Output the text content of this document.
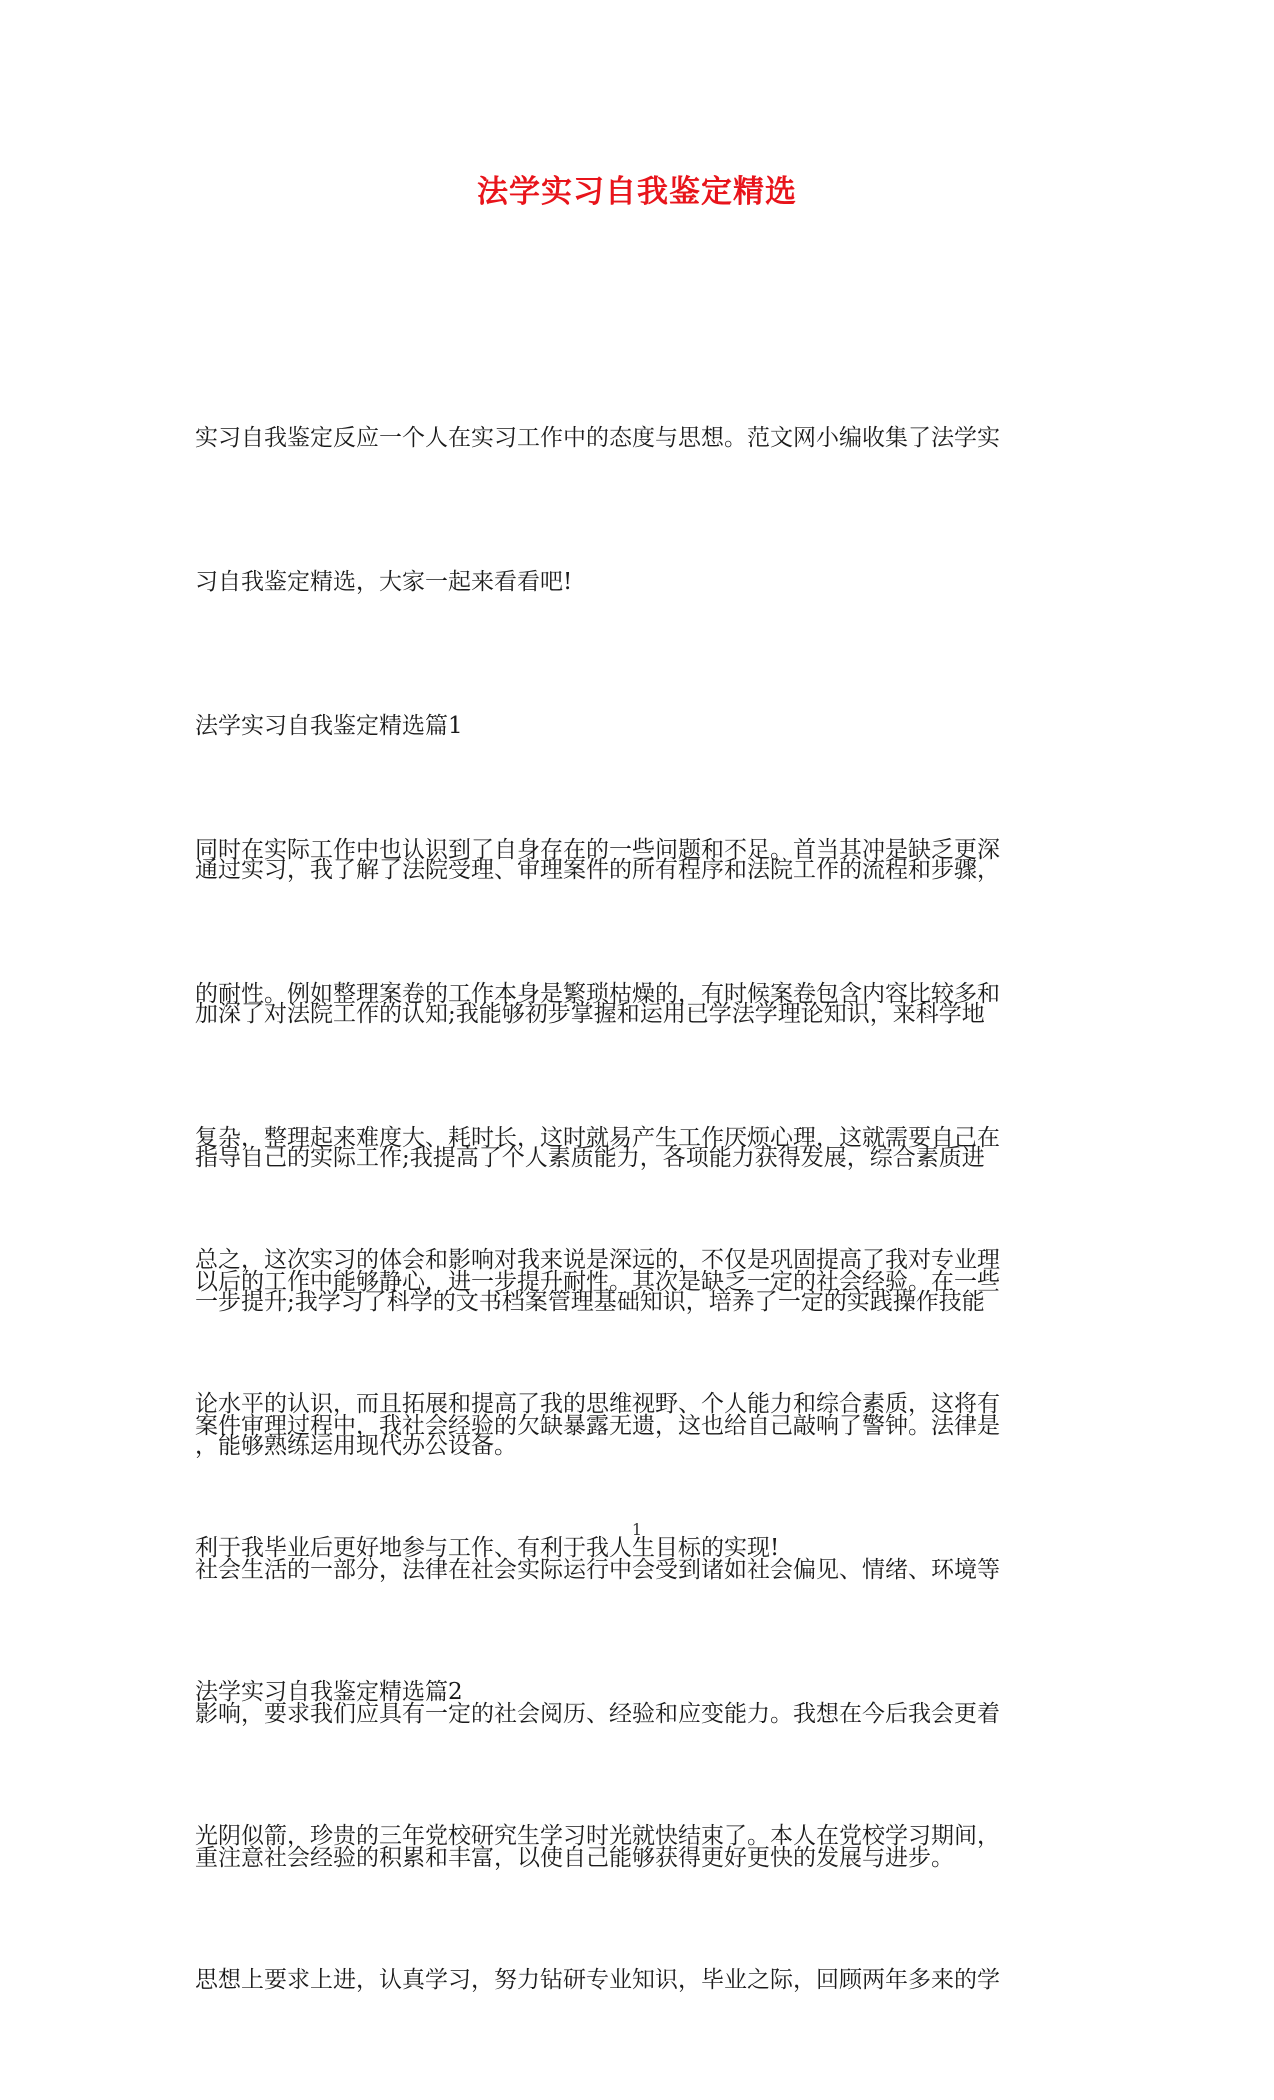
法学实习自我鉴定精选

实习自我鉴定反应一个人在实习工作中的态度与思想。范文网小编收集了法学实

习自我鉴定精选，大家一起来看看吧!

法学实习自我鉴定精选篇1

通过实习，我了解了法院受理、审理案件的所有程序和法院工作的流程和步骤，

加深了对法院工作的认知;我能够初步掌握和运用已学法学理论知识，来科学地

指导自己的实际工作;我提高了个人素质能力，各项能力获得发展，综合素质进

一步提升;我学习了科学的文书档案管理基础知识，培养了一定的实践操作技能

，能够熟练运用现代办公设备。

同时在实际工作中也认识到了自身存在的一些问题和不足。首当其冲是缺乏更深

的耐性。例如整理案卷的工作本身是繁琐枯燥的，有时候案卷包含内容比较多和

复杂，整理起来难度大、耗时长，这时就易产生工作厌烦心理，这就需要自己在

以后的工作中能够静心，进一步提升耐性。其次是缺乏一定的社会经验。在一些

案件审理过程中，我社会经验的欠缺暴露无遗，这也给自己敲响了警钟。法律是

社会生活的一部分，法律在社会实际运行中会受到诸如社会偏见、情绪、环境等

影响，要求我们应具有一定的社会阅历、经验和应变能力。我想在今后我会更着

重注意社会经验的积累和丰富，以使自己能够获得更好更快的发展与进步。

总之，这次实习的体会和影响对我来说是深远的，不仅是巩固提高了我对专业理

论水平的认识，而且拓展和提高了我的思维视野、个人能力和综合素质，这将有

利于我毕业后更好地参与工作、有利于我人生目标的实现!

法学实习自我鉴定精选篇2

光阴似箭，珍贵的三年党校研究生学习时光就快结束了。本人在党校学习期间，

思想上要求上进，认真学习，努力钻研专业知识，毕业之际，回顾两年多来的学

1
